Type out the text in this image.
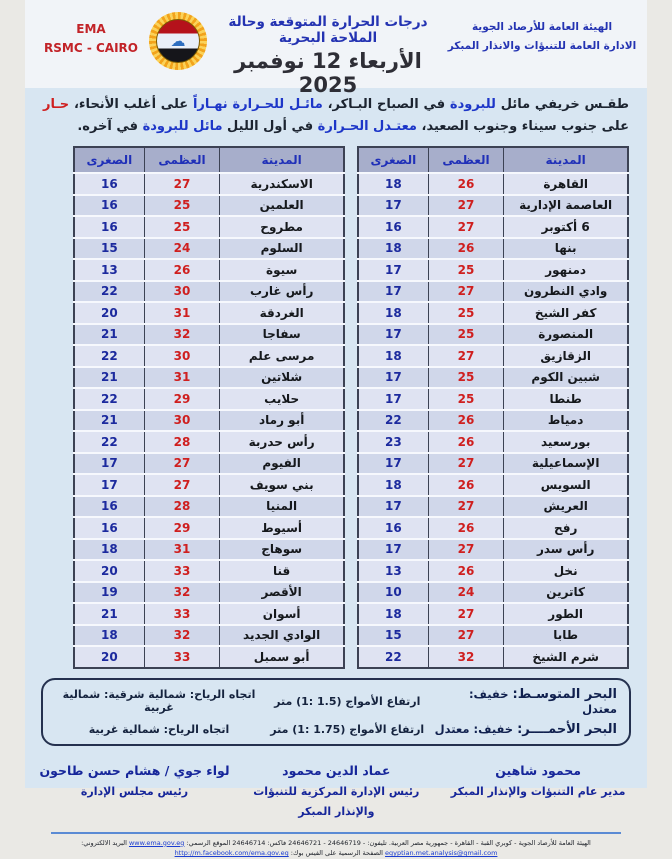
EMA
RSMC - CAIRO	☁
درجات الحرارة المتوقعة وحالة الملاحة البحرية
الأربعاء 12 نوفمبر 2025
الهيئة العامة للأرصاد الجوية
الادارة العامة للتنبؤات والانذار المبكر
طقـس خريفي مائل للبرودة في الصباح البـاكر، مائـل للحـرارة نهـاراً على أغلب الأنحاء، حـار على جنوب سيناء وجنوب الصعيد، معتـدل الحـرارة في أول الليل مائل للبرودة في آخره.
المدينة	العظمى	الصغرى
الاسكندرية	27	16
العلمين	25	16
مطروح	25	16
السلوم	24	15
سيوة	26	13
رأس غارب	30	22
الغردقة	31	20
سفاجا	32	21
مرسى علم	30	22
شلاتين	31	21
حلايب	29	22
أبو رماد	30	21
رأس حدربة	28	22
الفيوم	27	17
بني سويف	27	17
المنيا	28	16
أسيوط	29	16
سوهاج	31	18
قنا	33	20
الأقصر	32	19
أسوان	33	21
الوادي الجديد	32	18
أبو سمبل	33	20
المدينة	العظمى	الصغرى
القاهرة	26	18
العاصمة الإدارية	27	17
6 أكتوبر	27	16
بنها	26	18
دمنهور	25	17
وادي النطرون	27	17
كفر الشيخ	25	18
المنصورة	25	17
الزقازيق	27	18
شبين الكوم	25	17
طنطا	25	17
دمياط	26	22
بورسعيد	26	23
الإسماعيلية	27	17
السويس	26	18
العريش	27	17
رفح	26	16
رأس سدر	27	17
نخل	26	13
كاترين	24	10
الطور	27	18
طابا	27	15
شرم الشيخ	32	22
البحر المتوسـط: خفيف: معتدل
ارتفاع الأمواج (1: 1.5) متر
اتجاه الرياح: شمالية شرقية: شمالية غربية
البحر الأحمــــر: خفيف: معتدل
ارتفاع الأمواج (1: 1.75) متر
اتجاه الرياح: شمالية غربية
محمود شاهين
مدير عام التنبؤات والإنذار المبكر
عماد الدين محمود
رئيس الإدارة المركزية للتنبؤات والإنذار المبكر
لواء جوي / هشام حسن طاحون
رئيس مجلس الإدارة
الهيئة العامة للأرصاد الجوية - كوبري القبة - القاهرة - جمهورية مصر العربية. تليفون: - 24646719 - 24646721 فاكس: 24646714 الموقع الرسمي: www.ema.gov.eg البريد الالكتروني: egyptian.met.analysis@gmail.com الصفحة الرسمية على الفيس بوك: http://m.facebook.com/ema.gov.eg
